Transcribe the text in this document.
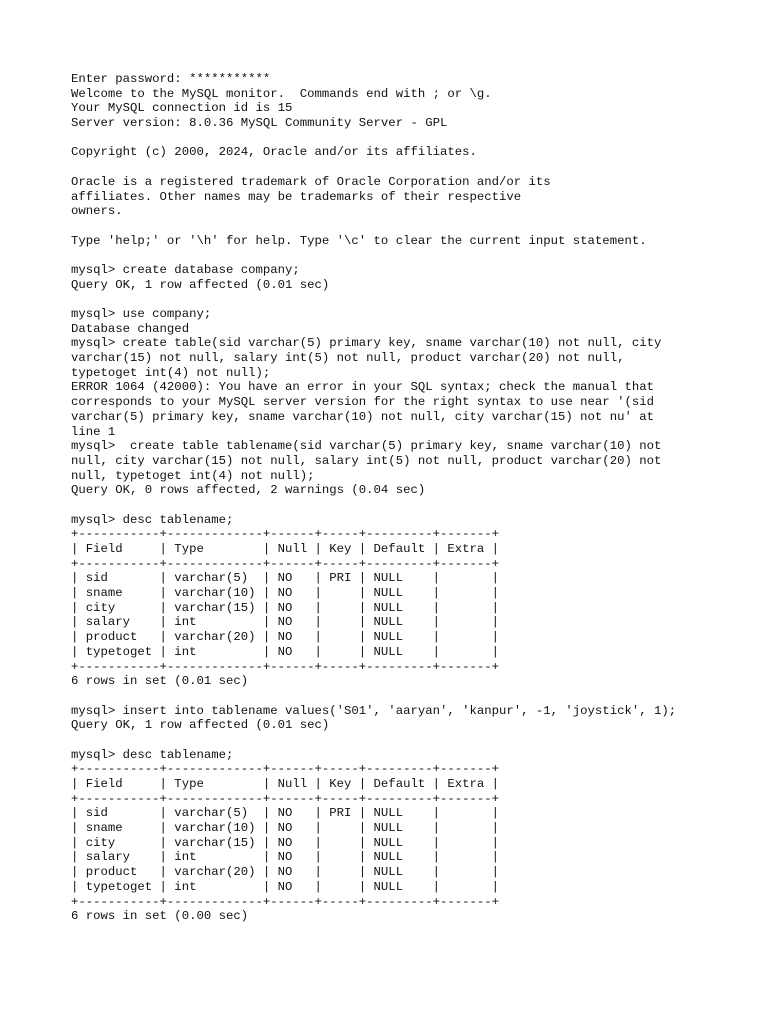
Enter password: ***********
Welcome to the MySQL monitor.  Commands end with ; or \g.
Your MySQL connection id is 15
Server version: 8.0.36 MySQL Community Server - GPL
Copyright (c) 2000, 2024, Oracle and/or its affiliates.
Oracle is a registered trademark of Oracle Corporation and/or its
affiliates. Other names may be trademarks of their respective
owners.
Type 'help;' or '\h' for help. Type '\c' to clear the current input statement.
mysql> create database company;
Query OK, 1 row affected (0.01 sec)
mysql> use company;
Database changed
mysql> create table(sid varchar(5) primary key, sname varchar(10) not null, city
varchar(15) not null, salary int(5) not null, product varchar(20) not null,
typetoget int(4) not null);
ERROR 1064 (42000): You have an error in your SQL syntax; check the manual that
corresponds to your MySQL server version for the right syntax to use near '(sid
varchar(5) primary key, sname varchar(10) not null, city varchar(15) not nu' at
line 1
mysql>  create table tablename(sid varchar(5) primary key, sname varchar(10) not
null, city varchar(15) not null, salary int(5) not null, product varchar(20) not
null, typetoget int(4) not null);
Query OK, 0 rows affected, 2 warnings (0.04 sec)
mysql> desc tablename;
+-----------+-------------+------+-----+---------+-------+
| Field     | Type        | Null | Key | Default | Extra |
+-----------+-------------+------+-----+---------+-------+
| sid       | varchar(5)  | NO   | PRI | NULL    |       |
| sname     | varchar(10) | NO   |     | NULL    |       |
| city      | varchar(15) | NO   |     | NULL    |       |
| salary    | int         | NO   |     | NULL    |       |
| product   | varchar(20) | NO   |     | NULL    |       |
| typetoget | int         | NO   |     | NULL    |       |
+-----------+-------------+------+-----+---------+-------+
6 rows in set (0.01 sec)
mysql> insert into tablename values('S01', 'aaryan', 'kanpur', -1, 'joystick', 1);
Query OK, 1 row affected (0.01 sec)
mysql> desc tablename;
+-----------+-------------+------+-----+---------+-------+
| Field     | Type        | Null | Key | Default | Extra |
+-----------+-------------+------+-----+---------+-------+
| sid       | varchar(5)  | NO   | PRI | NULL    |       |
| sname     | varchar(10) | NO   |     | NULL    |       |
| city      | varchar(15) | NO   |     | NULL    |       |
| salary    | int         | NO   |     | NULL    |       |
| product   | varchar(20) | NO   |     | NULL    |       |
| typetoget | int         | NO   |     | NULL    |       |
+-----------+-------------+------+-----+---------+-------+
6 rows in set (0.00 sec)
